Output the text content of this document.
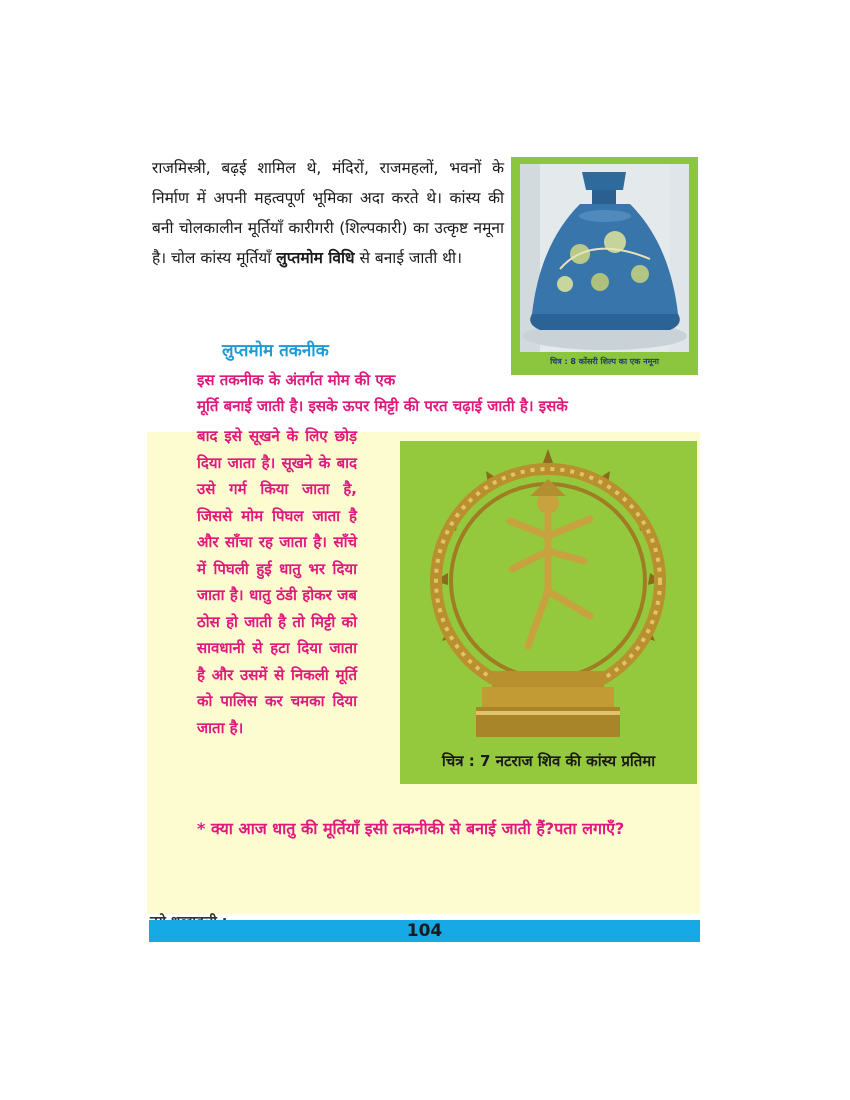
राजमिस्त्री, बढ़ई शामिल थे, मंदिरों, राजमहलों, भवनों के निर्माण में अपनी महत्वपूर्ण भूमिका अदा करते थे। कांस्य की बनी चोलकालीन मूर्तियाँ कारीगरी (शिल्पकारी) का उत्कृष्ट नमूना है। चोल कांस्य मूर्तियाँ लुप्तमोम विधि से बनाई जाती थी।

चित्र : 8 कोंसरी शिल्प का एक नमूना
लुप्तमोम तकनीक

इस तकनीक के अंतर्गत मोम की एक

मूर्ति बनाई जाती है। इसके ऊपर मिट्टी की परत चढ़ाई जाती है। इसके

बाद इसे सूखने के लिए छोड़ दिया जाता है। सूखने के बाद उसे गर्म किया जाता है, जिससे मोम पिघल जाता है और साँचा रह जाता है। साँचे में पिघली हुई धातु भर दिया जाता है। धातु ठंडी होकर जब ठोस हो जाती है तो मिट्टी को सावधानी से हटा दिया जाता है और उसमें से निकली मूर्ति को पालिस कर चमका दिया जाता है।

चित्र : 7 नटराज शिव की कांस्य प्रतिमा

* क्या आज धातु की मूर्तियाँ इसी तकनीकी से बनाई जाती हैं?पता लगाएँ?

104
